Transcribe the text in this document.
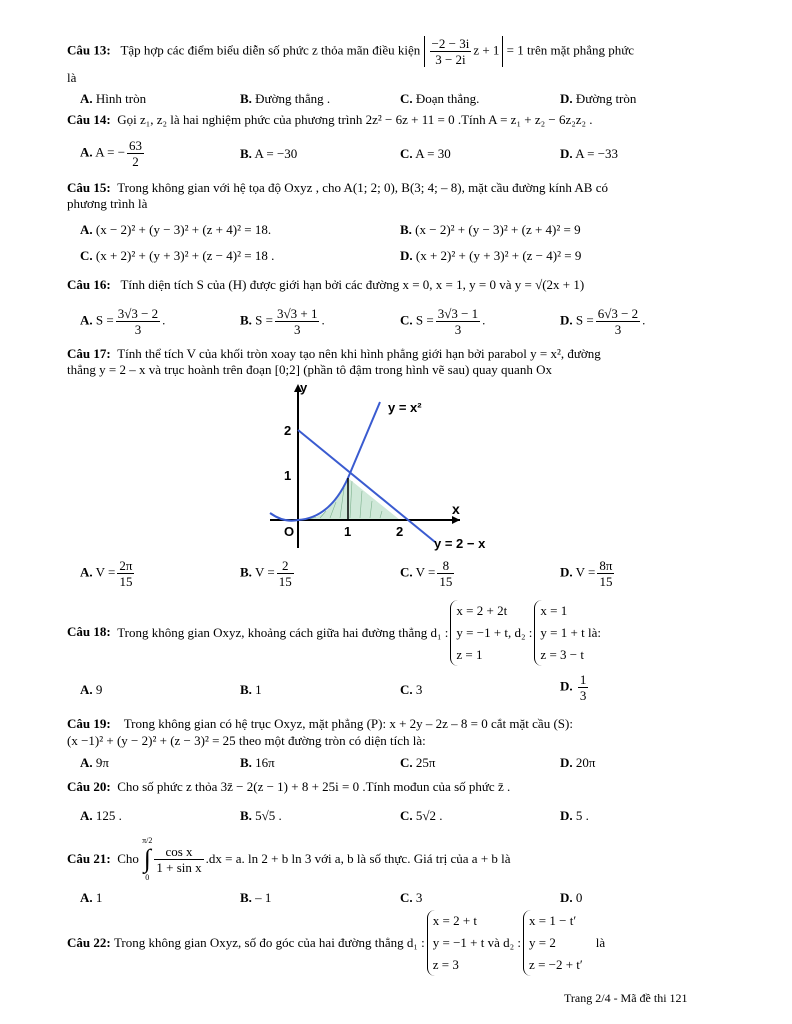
Câu 13: Tập hợp các điểm biểu diễn số phức z thỏa mãn điều kiện $\frac{-2 - 3i}{3 - 2i}$ z + 1 = 1 trên mặt phẳng phức
là
A. Hình tròn	B. Đường thẳng .	C. Đoạn thẳng.	D. Đường tròn
Câu 14: Gọi z₁, z₂ là hai nghiệm phức của phương trình 2z² − 6z + 11 = 0 .Tính A = z₁ + z₂ − 6z₂z₂ .
A. A = − $\frac{63}{2}$	B. A = −30	C. A = 30	D. A = −33
Câu 15: Trong không gian với hệ tọa độ Oxyz , cho A(1; 2; 0), B(3; 4; – 8), mặt cầu đường kính AB có
phương trình là
A. (x − 2)² + (y − 3)² + (z + 4)² = 18.	B. (x − 2)² + (y − 3)² + (z + 4)² = 9
C. (x + 2)² + (y + 3)² + (z − 4)² = 18 .	D. (x + 2)² + (y + 3)² + (z − 4)² = 9
Câu 16: Tính diện tích S của (H) được giới hạn bởi các đường x = 0, x = 1, y = 0 và y = √(2x + 1)
A. $S = \frac{3√3 - 2}{3}$ .	B. $S = \frac{3√3 + 1}{3}$ .	C. $S = \frac{3√3 - 1}{3}$ .	D. $S = \frac{6√3 - 2}{3}$ .
Câu 17: Tính thể tích V của khối tròn xoay tạo nên khi hình phẳng giới hạn bởi parabol y = x², đường
thẳng y = 2 – x và trục hoành trên đoạn [0;2] (phần tô đậm trong hình vẽ sau) quay quanh Ox
y
x
O
2
1
1	2
y = x²
y = 2 − x
A. $V = \frac{2\pi}{15}$	B. $V = \frac{2}{15}$	C. $V = \frac{8}{15}$	D. $V = \frac{8\pi}{15}$
Câu 18: Trong không gian Oxyz, khoảng cách giữa hai đường thẳng d₁ :x = 2 + 2t
y = −1 + t
z = 1, d₂ :x = 1
y = 1 + t
z = 3 − t là:
A. 9	B. 1	C. 3	D. $\frac{1}{3}$
Câu 19: Trong không gian có hệ trục Oxyz, mặt phẳng (P): x + 2y – 2z – 8 = 0 cắt mặt cầu (S):
(x −1)² + (y − 2)² + (z − 3)² = 25 theo một đường tròn có diện tích là:
A. 9π	B. 16π	C. 25π	D. 20π
Câu 20: Cho số phức z thỏa 3z̄ − 2(z − 1) + 8 + 25i = 0 .Tính mođun của số phức z̄ .
A. 125 .	B. 5√5 .	C. 5√2 .	D. 5 .
Câu 21: Cho
π/2
∫
0
$\frac{\text{cos x}}{\text{1 + sin x}} .dx = a$. ln 2 + b ln 3 với a, b là số thực. Giá trị của a + b là
A. 1	B. – 1	C. 3	D. 0
Câu 22: Trong không gian Oxyz, số đo góc của hai đường thẳng d₁ :x = 2 + t
y = −1 + t
z = 3 và d₂ :x = 1 − t′
y = 2
z = −2 + t′    là
Trang 2/4 - Mã đề thi 121
